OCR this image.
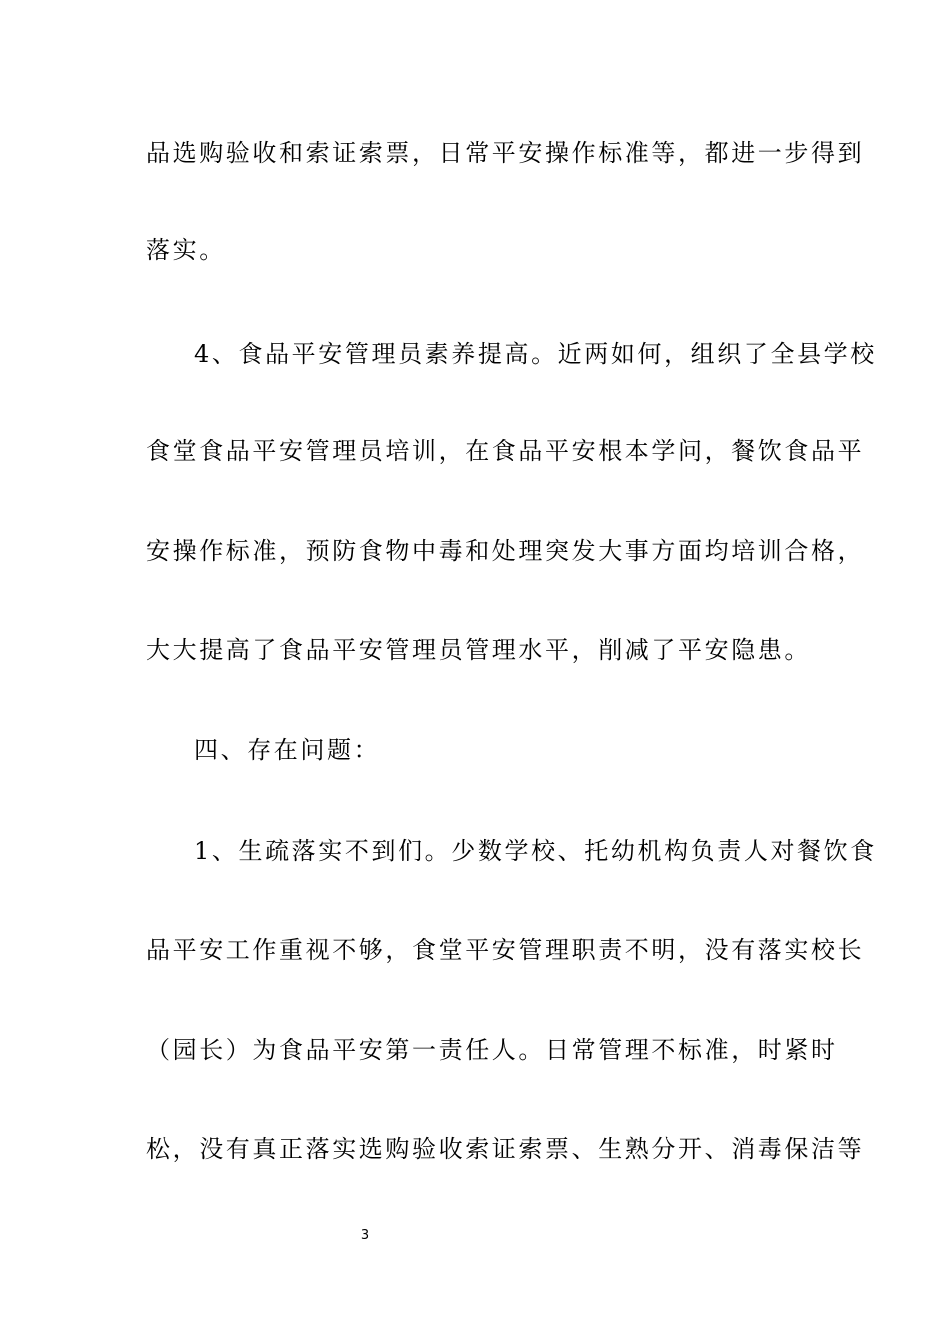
品选购验收和索证索票，日常平安操作标准等，都进一步得到
落实。
4、食品平安管理员素养提高。近两如何，组织了全县学校
食堂食品平安管理员培训，在食品平安根本学问，餐饮食品平
安操作标准，预防食物中毒和处理突发大事方面均培训合格，
大大提高了食品平安管理员管理水平，削减了平安隐患。
四、存在问题：
1、生疏落实不到们。少数学校、托幼机构负责人对餐饮食
品平安工作重视不够，食堂平安管理职责不明，没有落实校长
（园长）为食品平安第一责任人。日常管理不标准，时紧时
松，没有真正落实选购验收索证索票、生熟分开、消毒保洁等
3
